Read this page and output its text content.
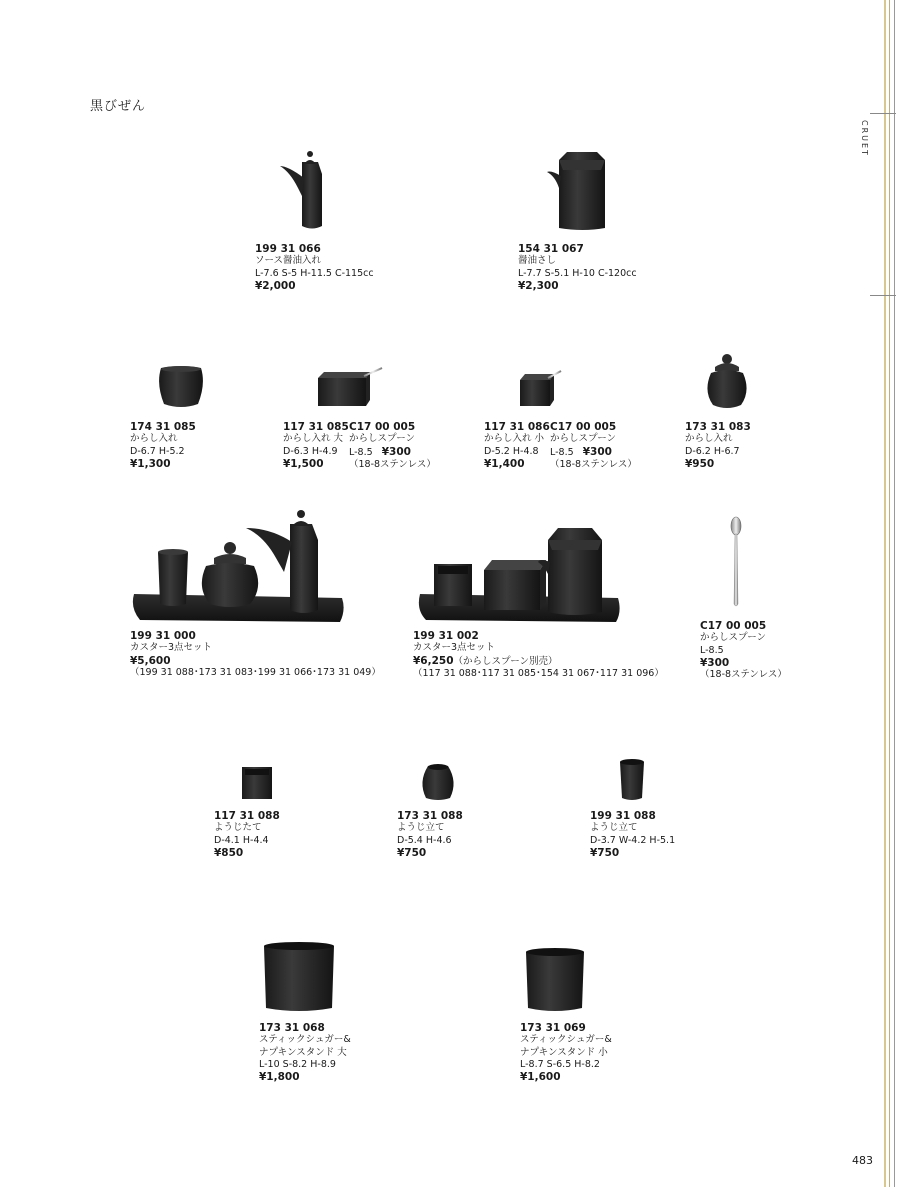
黒びぜん
CRUET
199 31 066
ソース醤油入れ
L-7.6 S-5 H-11.5 C-115cc
¥2,000
154 31 067
醤油さし
L-7.7 S-5.1 H-10 C-120cc
¥2,300
174 31 085
からし入れ
D-6.7 H-5.2
¥1,300
117 31 085
からし入れ 大
D-6.3 H-4.9
¥1,500
C17 00 005
からしスプーン
L-8.5 ¥300
（18-8ステンレス）
117 31 086
からし入れ 小
D-5.2 H-4.8
¥1,400
C17 00 005
からしスプーン
L-8.5 ¥300
（18-8ステンレス）
173 31 083
からし入れ
D-6.2 H-6.7
¥950
199 31 000
カスター3点セット
¥5,600
（199 31 088･173 31 083･199 31 066･173 31 049）
199 31 002
カスター3点セット
¥6,250（からしスプーン別売）
（117 31 088･117 31 085･154 31 067･117 31 096）
C17 00 005
からしスプーン
L-8.5
¥300
（18-8ステンレス）
117 31 088
ようじたて
D-4.1 H-4.4
¥850
173 31 088
ようじ立て
D-5.4 H-4.6
¥750
199 31 088
ようじ立て
D-3.7 W-4.2 H-5.1
¥750
173 31 068
スティックシュガー&
ナプキンスタンド 大
L-10 S-8.2 H-8.9
¥1,800
173 31 069
スティックシュガー&
ナプキンスタンド 小
L-8.7 S-6.5 H-8.2
¥1,600
483
